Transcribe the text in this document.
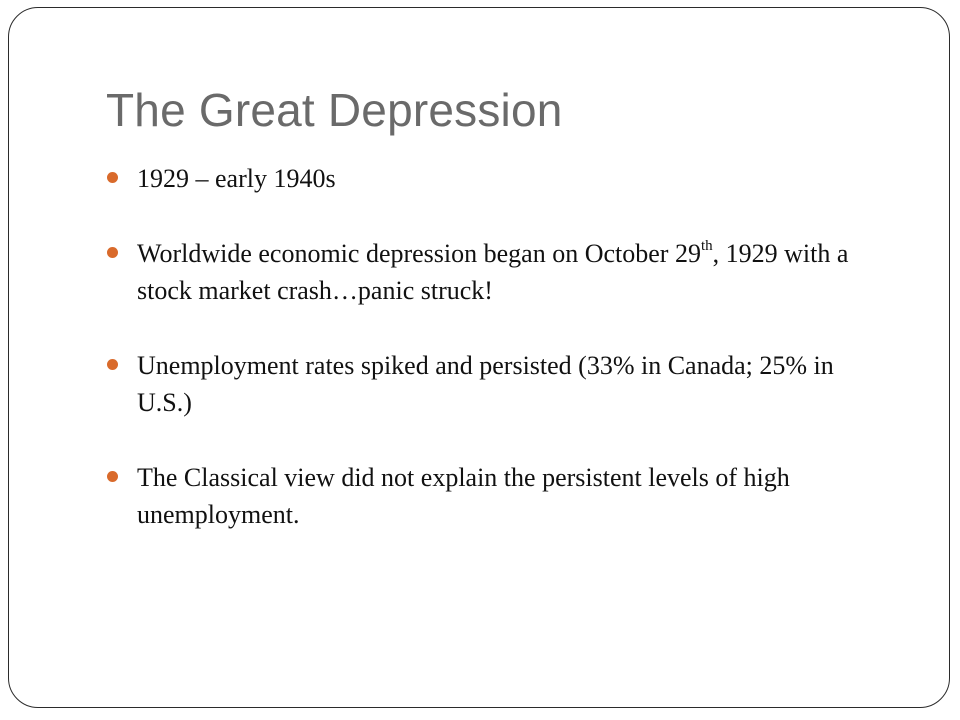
The Great Depression
1929 – early 1940s
Worldwide economic depression began on October 29th, 1929 with a stock market crash…panic struck!
Unemployment rates spiked and persisted (33% in Canada; 25% in U.S.)
The Classical view did not explain the persistent levels of high unemployment.
